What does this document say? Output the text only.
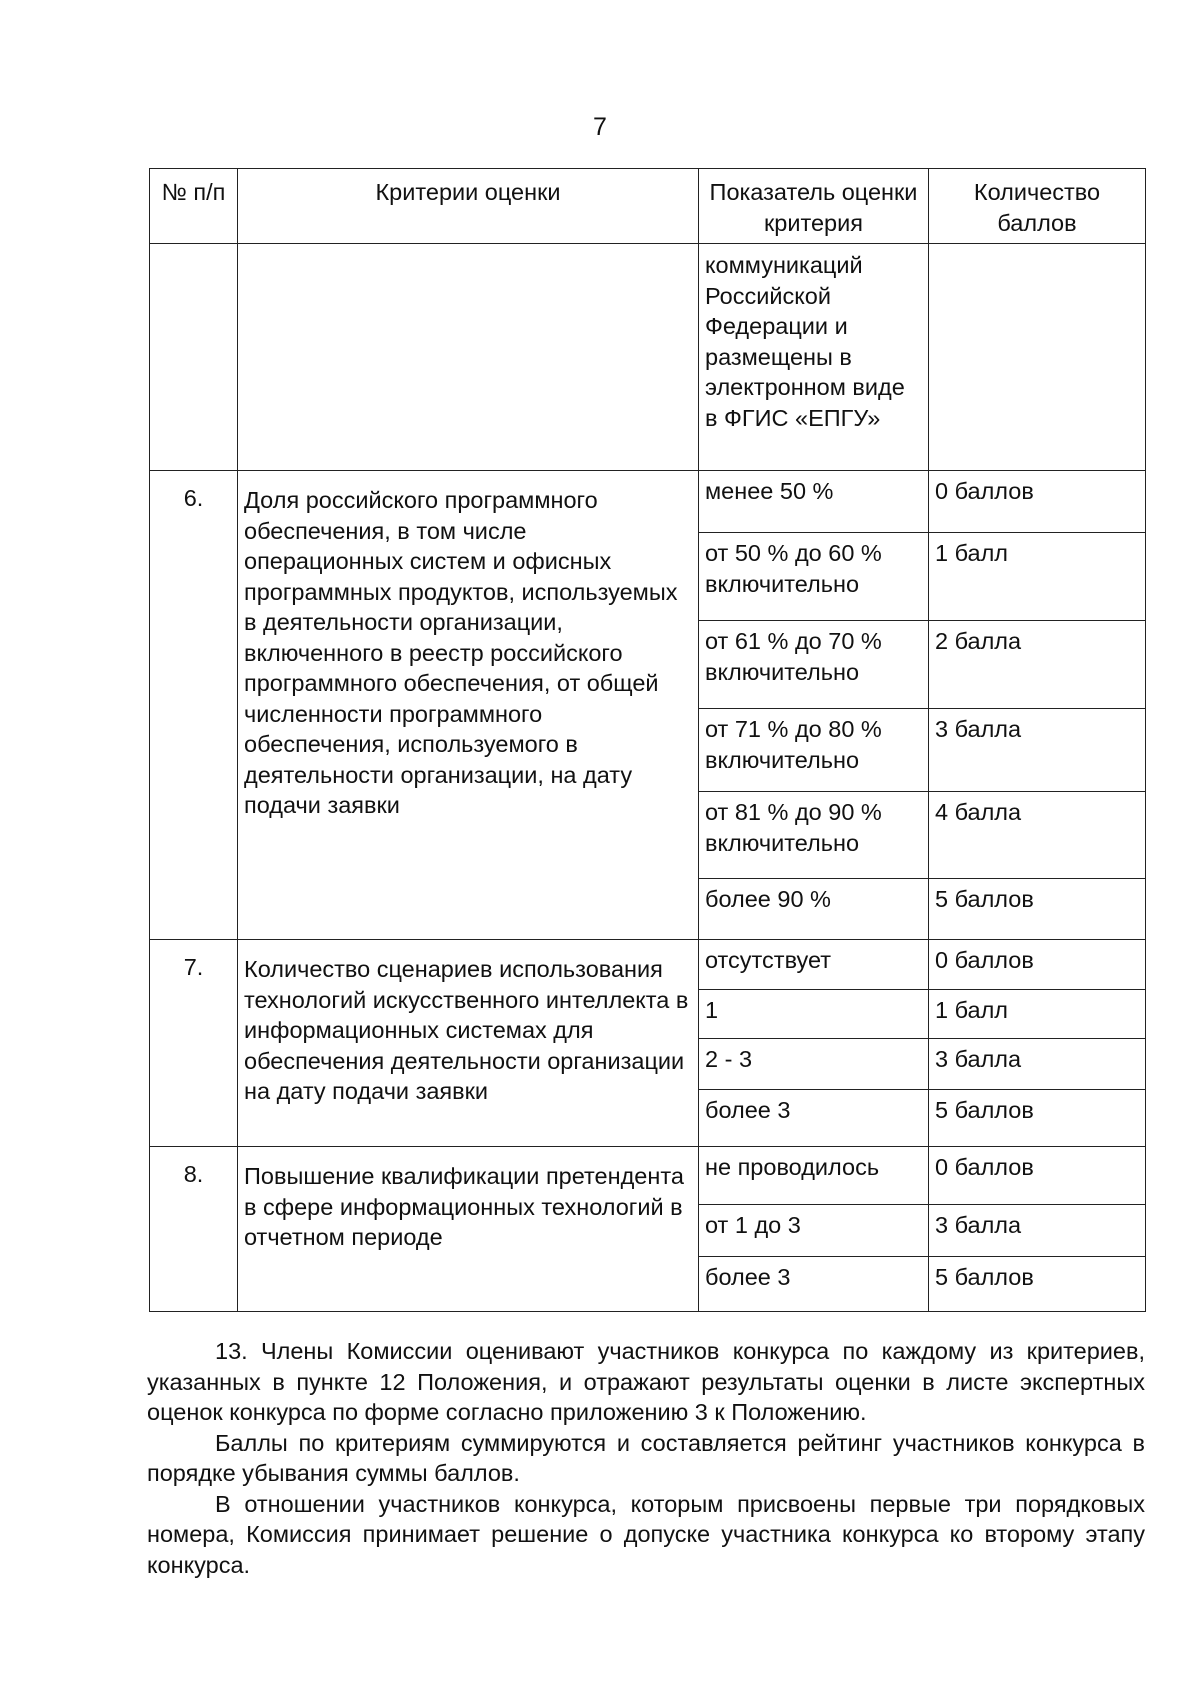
7
№ п/п	Критерии оценки	Показатель оценки критерия	Количество баллов
		коммуникаций Российской Федерации и размещены в электронном виде в ФГИС «ЕПГУ»	
6.	Доля российского программного обеспечения, в том числе операционных систем и офисных программных продуктов, используемых в деятельности организации, включенного в реестр российского программного обеспечения, от общей численности программного обеспечения, используемого в деятельности организации, на дату подачи заявки	менее 50 %	0 баллов
		от 50 % до 60 % включительно	1 балл
		от 61 % до 70 % включительно	2 балла
		от 71 % до 80 % включительно	3 балла
		от 81 % до 90 % включительно	4 балла
		более 90 %	5 баллов
7.	Количество сценариев использования технологий искусственного интеллекта в информационных системах для обеспечения деятельности организации на дату подачи заявки	отсутствует	0 баллов
		1	1 балл
		2 - 3	3 балла
		более 3	5 баллов
8.	Повышение квалификации претендента в сфере информационных технологий в отчетном периоде	не проводилось	0 баллов
		от 1 до 3	3 балла
		более 3	5 баллов

13. Члены Комиссии оценивают участников конкурса по каждому из критериев, указанных в пункте 12 Положения, и отражают результаты оценки в листе экспертных оценок конкурса по форме согласно приложению 3 к Положению.

Баллы по критериям суммируются и составляется рейтинг участников конкурса в порядке убывания суммы баллов.

В отношении участников конкурса, которым присвоены первые три порядковых номера, Комиссия принимает решение о допуске участника конкурса ко второму этапу конкурса.
